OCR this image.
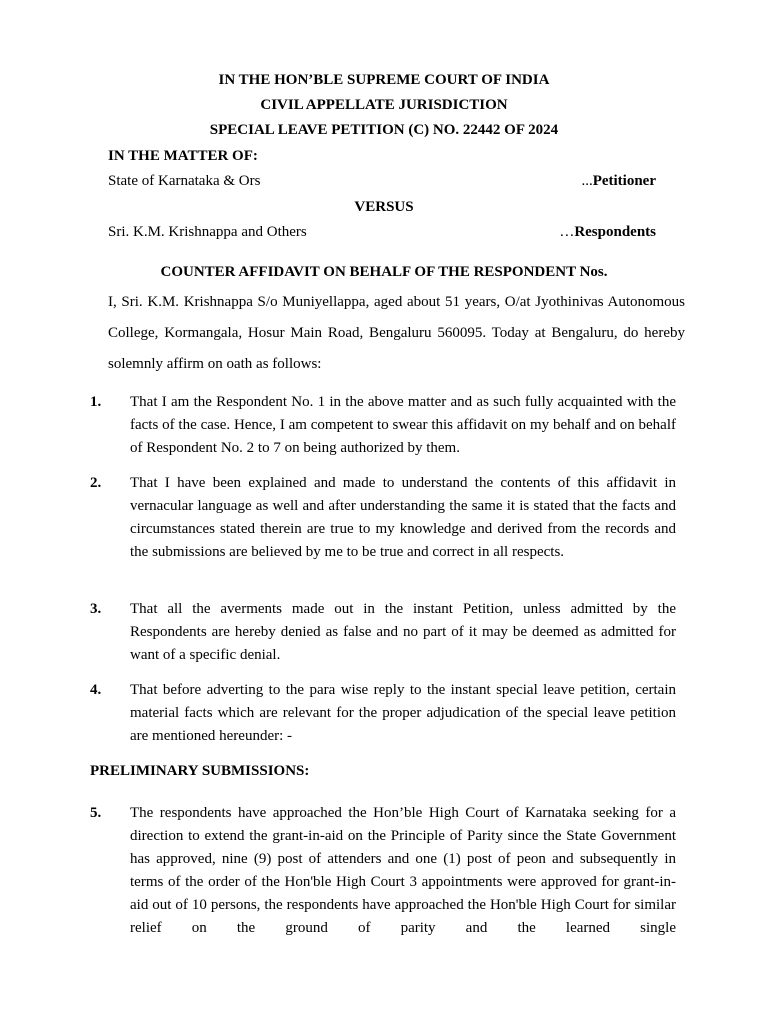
IN THE HON’BLE SUPREME COURT OF INDIA
CIVIL APPELLATE JURISDICTION
SPECIAL LEAVE PETITION (C) NO. 22442 OF 2024
IN THE MATTER OF:
State of Karnataka & Ors	...Petitioner
VERSUS
Sri. K.M. Krishnappa and Others	…Respondents
COUNTER AFFIDAVIT ON BEHALF OF THE RESPONDENT Nos.
I, Sri. K.M. Krishnappa S/o Muniyellappa, aged about 51 years, O/at Jyothinivas Autonomous College, Kormangala, Hosur Main Road, Bengaluru 560095. Today at Bengaluru, do hereby solemnly affirm on oath as follows:
1. That I am the Respondent No. 1 in the above matter and as such fully acquainted with the facts of the case. Hence, I am competent to swear this affidavit on my behalf and on behalf of Respondent No. 2 to 7 on being authorized by them.
2. That I have been explained and made to understand the contents of this affidavit in vernacular language as well and after understanding the same it is stated that the facts and circumstances stated therein are true to my knowledge and derived from the records and the submissions are believed by me to be true and correct in all respects.
3. That all the averments made out in the instant Petition, unless admitted by the Respondents are hereby denied as false and no part of it may be deemed as admitted for want of a specific denial.
4. That before adverting to the para wise reply to the instant special leave petition, certain material facts which are relevant for the proper adjudication of the special leave petition are mentioned hereunder: -
PRELIMINARY SUBMISSIONS:
5. The respondents have approached the Hon’ble High Court of Karnataka seeking for a direction to extend the grant-in-aid on the Principle of Parity since the State Government has approved, nine (9) post of attenders and one (1) post of peon and subsequently in terms of the order of the Hon'ble High Court 3 appointments were approved for grant-in-aid out of 10 persons, the respondents have approached the Hon'ble High Court for similar relief on the ground of parity and the learned single
